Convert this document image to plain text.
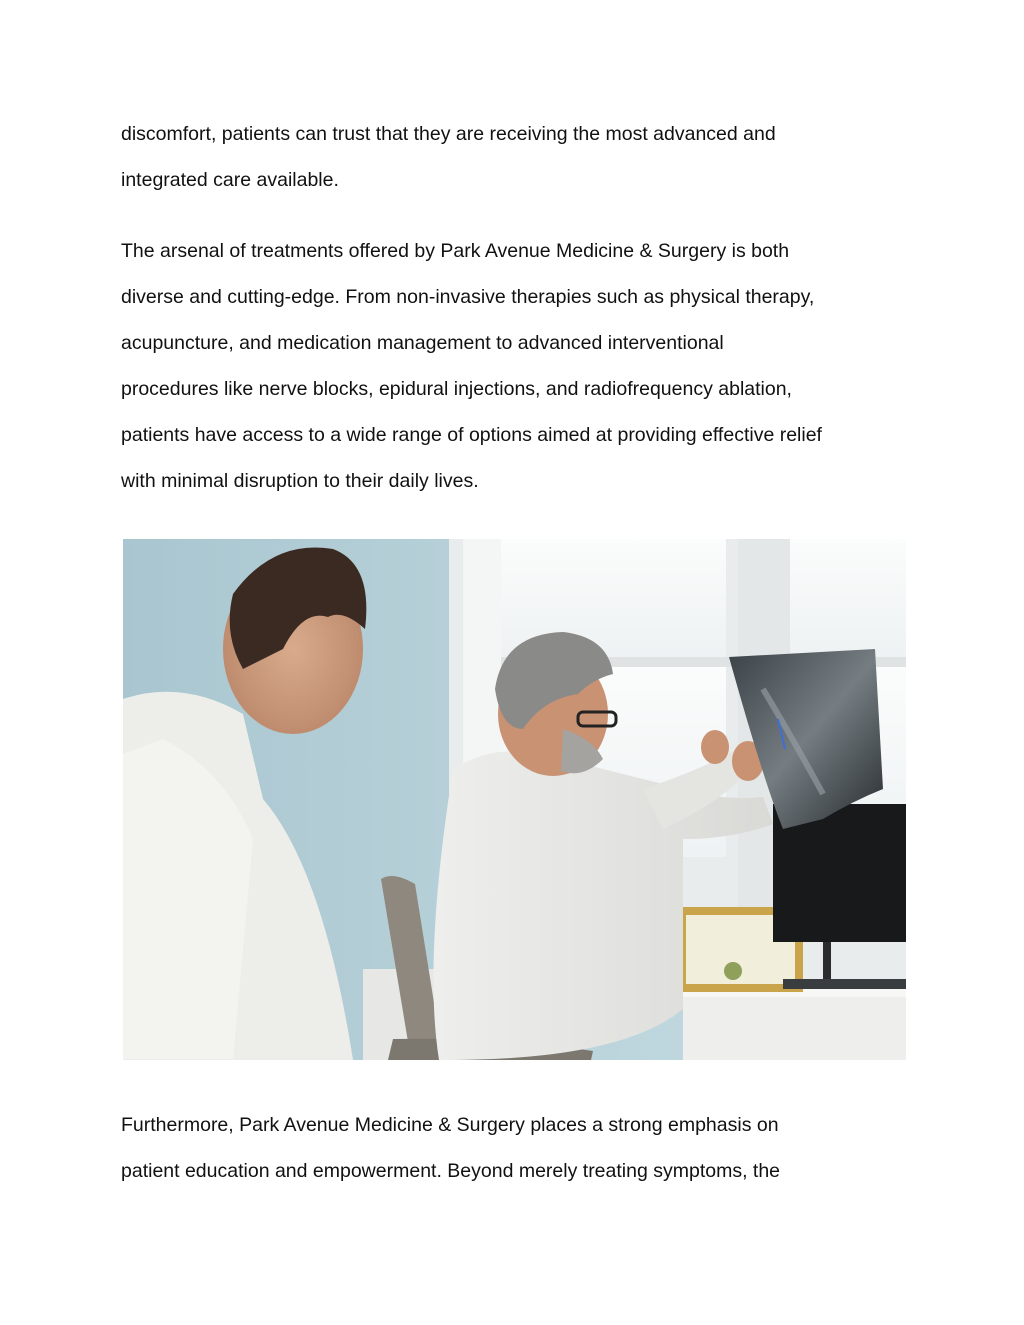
discomfort, patients can trust that they are receiving the most advanced and
integrated care available.

The arsenal of treatments offered by Park Avenue Medicine & Surgery is both
diverse and cutting-edge. From non-invasive therapies such as physical therapy,
acupuncture, and medication management to advanced interventional
procedures like nerve blocks, epidural injections, and radiofrequency ablation,
patients have access to a wide range of options aimed at providing effective relief
with minimal disruption to their daily lives.

Furthermore, Park Avenue Medicine & Surgery places a strong emphasis on
patient education and empowerment. Beyond merely treating symptoms, the
